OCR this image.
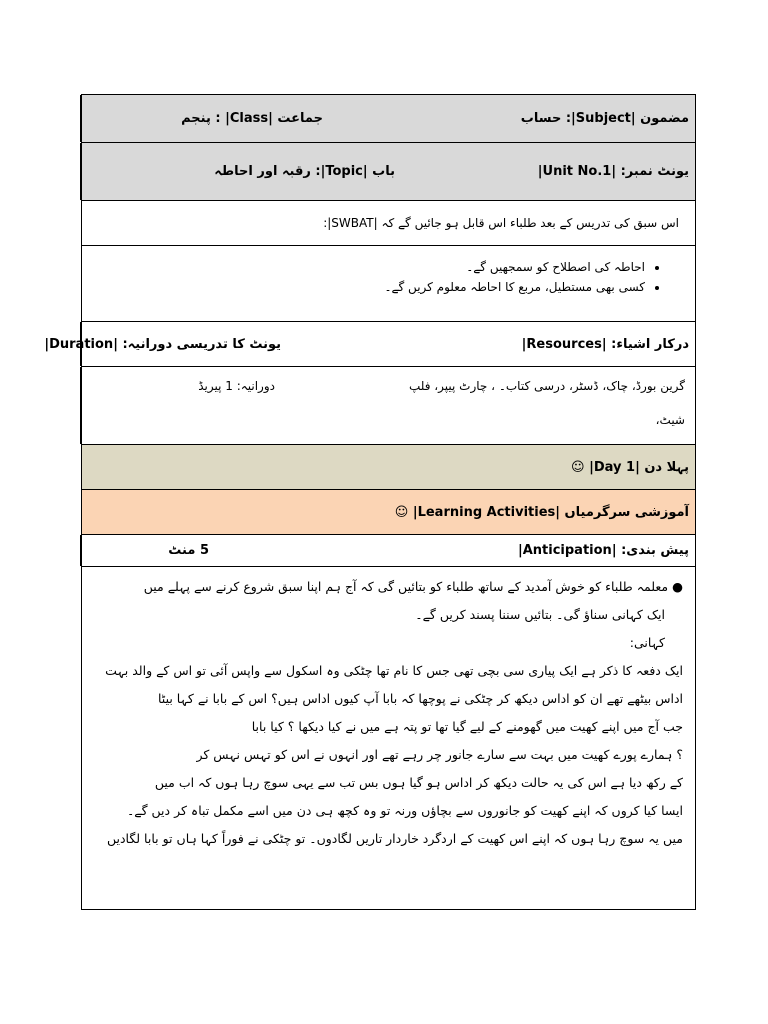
مضمون |Subject|: حساب
جماعت |Class| : پنجم
یونٹ نمبر: |Unit No.1|
باب |Topic|: رقبہ اور احاطہ
اس سبق کی تدریس کے بعد طلباء اس قابل ہو جائیں گے کہ |SWBAT|:
• احاطہ کی اصطلاح کو سمجھیں گے۔
• کسی بھی مستطیل، مربع کا احاطہ معلوم کریں گے۔
درکار اشیاء: |Resources|
یونٹ کا تدریسی دورانیہ: |Duration|
گرین بورڈ، چاک، ڈسٹر، درسی کتاب۔ ، چارٹ پیپر، فلپ
شیٹ،
دورانیہ: 1 پیریڈ
پہلا دن |Day 1| ☺
آموزشی سرگرمیاں |Learning Activities| ☺
پیش بندی: |Anticipation|
5 منٹ

● معلمہ طلباء کو خوش آمدید کے ساتھ طلباء کو بتائیں گی کہ آج ہم اپنا سبق شروع کرنے سے پہلے میں

ایک کہانی سناؤ گی۔ بتائیں سننا پسند کریں گے۔

کہانی:

ایک دفعہ کا ذکر ہے ایک پیاری سی بچی تھی جس کا نام تھا چٹکی وہ اسکول سے واپس آئی تو اس کے والد بہت

اداس بیٹھے تھے ان کو اداس دیکھ کر چٹکی نے پوچھا کہ بابا آپ کیوں اداس ہیں؟ اس کے بابا نے کہا بیٹا

جب آج میں اپنے کھیت میں گھومنے کے لیے گیا تھا تو پتہ ہے میں نے کیا دیکھا ؟ کیا بابا

؟ ہمارے پورے کھیت میں بہت سے سارے جانور چر رہے تھے اور انہوں نے اس کو تہس نہس کر

کے رکھ دیا ہے اس کی یہ حالت دیکھ کر اداس ہو گیا ہوں بس تب سے یہی سوچ رہا ہوں کہ اب میں

ایسا کیا کروں کہ اپنے کھیت کو جانوروں سے بچاؤں ورنہ تو وہ کچھ ہی دن میں اسے مکمل تباہ کر دیں گے۔

میں یہ سوچ رہا ہوں کہ اپنے اس کھیت کے اردگرد خاردار تاریں لگادوں۔ تو چٹکی نے فوراً کہا ہاں تو بابا لگادیں
